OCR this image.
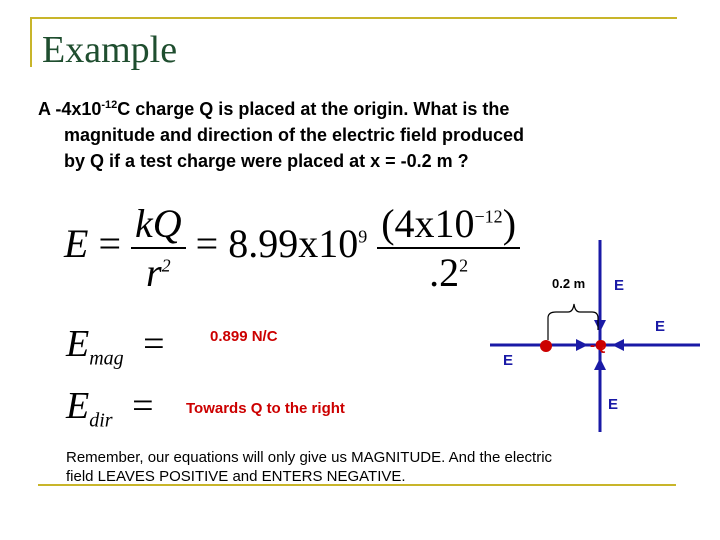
Example
A $-4x10^{-12}C$ charge Q is placed at the origin. What is the
magnitude and direction of the electric field produced
by Q if a test charge were placed at x = -0.2 m ?
$E = \frac{kQ}{r^2} = 8.99x10^9 \frac{(4x10^{-12})}{.2^2}$
$E_{mag}$ =	0.899 N/C
$E_{dir}$ = Towards Q to the right
0.2 m E
E
E
E
-Q
Remember, our equations will only give us MAGNITUDE. And the electric
field LEAVES POSITIVE and ENTERS NEGATIVE.
